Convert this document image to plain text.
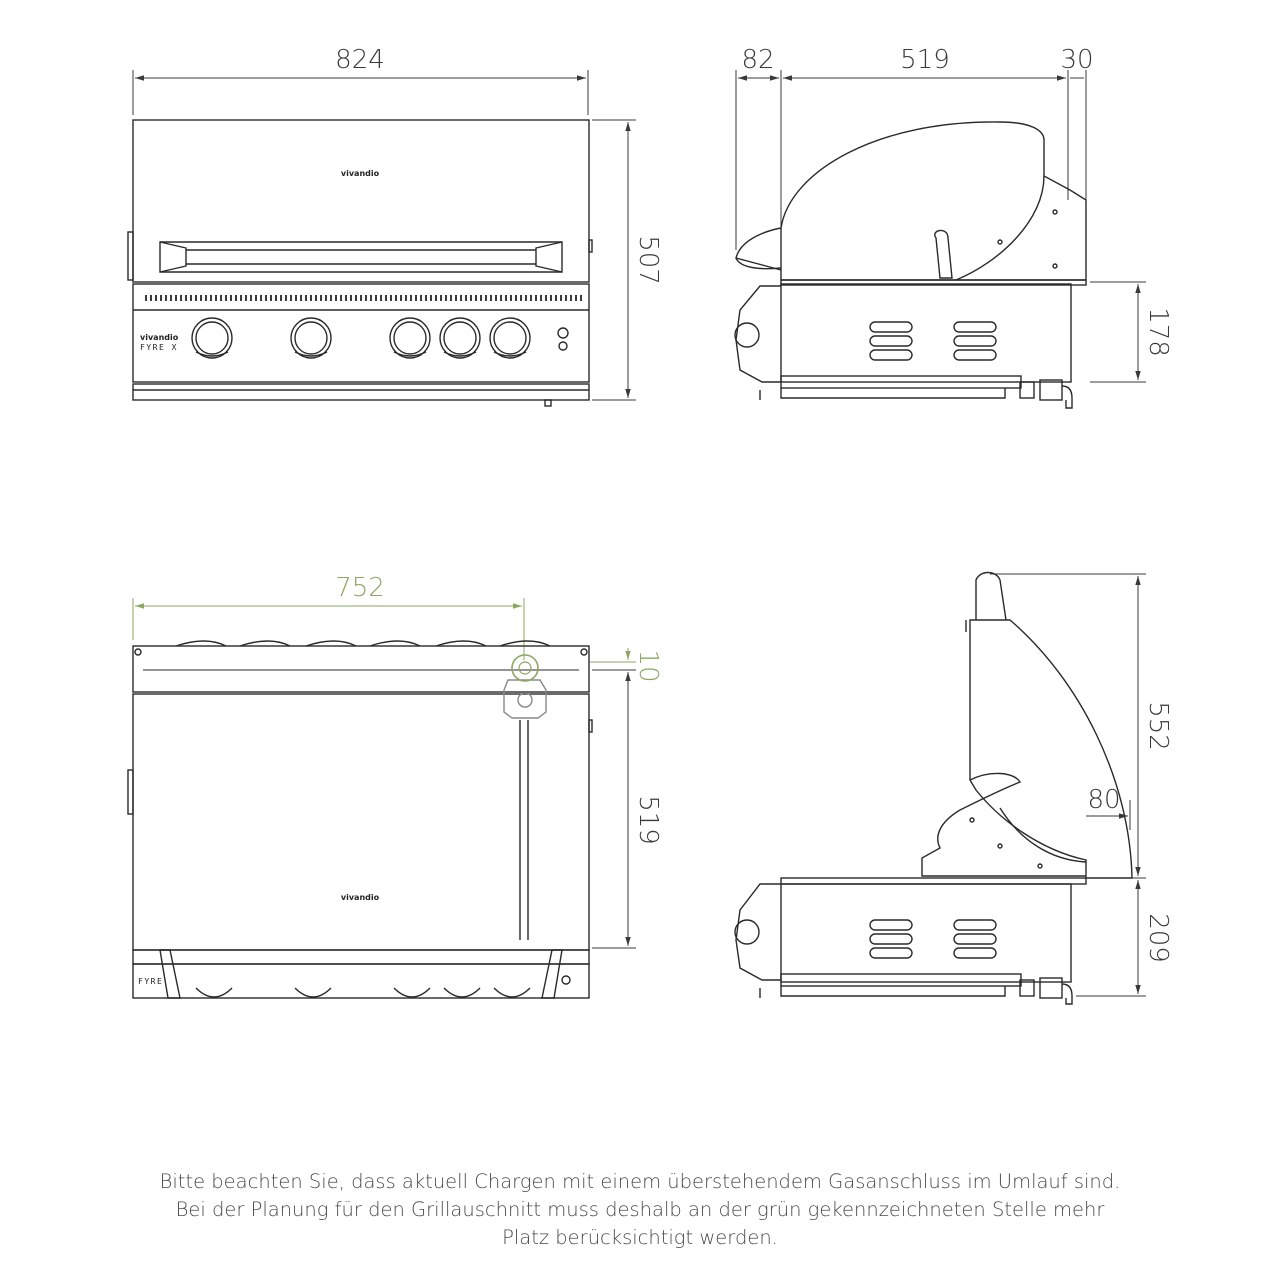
824
507
vivandio
vivandio
FYRE X
82	519	30
178
752
10
519
vivandio
FYRE
552
80
209
Bitte beachten Sie, dass aktuell Chargen mit einem überstehendem Gasanschluss im Umlauf sind.
Bei der Planung für den Grillauschnitt muss deshalb an der grün gekennzeichneten Stelle mehr
Platz berücksichtigt werden.
